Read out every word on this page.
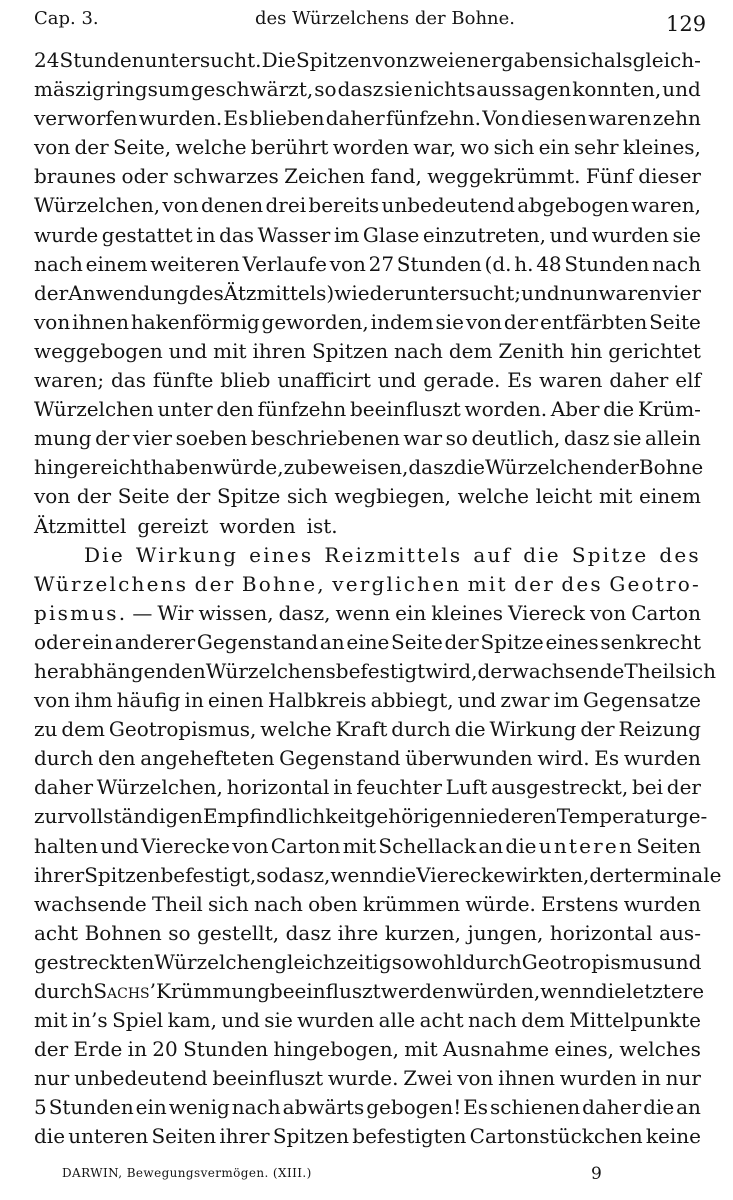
Cap. 3.	des Würzelchens der Bohne.	129
24 Stunden untersucht. Die Spitzen von zweien ergaben sich als gleich-
mäszig ringsum geschwärzt, so dasz sie nichts aussagen konnten, und
verworfen wurden. Es blieben daher fünfzehn. Von diesen waren zehn
von der Seite, welche berührt worden war, wo sich ein sehr kleines,
braunes oder schwarzes Zeichen fand, weggekrümmt. Fünf dieser
Würzelchen, von denen drei bereits unbedeutend abgebogen waren,
wurde gestattet in das Wasser im Glase einzutreten, und wurden sie
nach einem weiteren Verlaufe von 27 Stunden (d. h. 48 Stunden nach
der Anwendung des Ätzmittels) wieder untersucht; und nun waren vier
von ihnen hakenförmig geworden, indem sie von der entfärbten Seite
weggebogen und mit ihren Spitzen nach dem Zenith hin gerichtet
waren; das fünfte blieb unafficirt und gerade. Es waren daher elf
Würzelchen unter den fünfzehn beeinfluszt worden. Aber die Krüm-
mung der vier soeben beschriebenen war so deutlich, dasz sie allein
hingereicht haben würde, zu beweisen, dasz die Würzelchen der Bohne
von der Seite der Spitze sich wegbiegen, welche leicht mit einem
Ätzmittel gereizt worden ist.
Die Wirkung eines Reizmittels auf die Spitze des
Würzelchens der Bohne, verglichen mit der des Geotro-
pismus. — Wir wissen, dasz, wenn ein kleines Viereck von Carton
oder ein anderer Gegenstand an eine Seite der Spitze eines senkrecht
herabhängenden Würzelchens befestigt wird, der wachsende Theil sich
von ihm häufig in einen Halbkreis abbiegt, und zwar im Gegensatze
zu dem Geotropismus, welche Kraft durch die Wirkung der Reizung
durch den angehefteten Gegenstand überwunden wird. Es wurden
daher Würzelchen, horizontal in feuchter Luft ausgestreckt, bei der
zur vollständigen Empfindlichkeit gehörigen niederen Temperatur ge-
halten und Vierecke von Carton mit Schellack an die unteren Seiten
ihrer Spitzen befestigt, sodasz, wenn die Vierecke wirkten, der terminale
wachsende Theil sich nach oben krümmen würde. Erstens wurden
acht Bohnen so gestellt, dasz ihre kurzen, jungen, horizontal aus-
gestreckten Würzelchen gleichzeitig sowohl durch Geotropismus und
durch Sachs’ Krümmung beeinfluszt werden würden, wenn die letztere
mit in’s Spiel kam, und sie wurden alle acht nach dem Mittelpunkte
der Erde in 20 Stunden hingebogen, mit Ausnahme eines, welches
nur unbedeutend beeinfluszt wurde. Zwei von ihnen wurden in nur
5 Stunden ein wenig nach abwärts gebogen! Es schienen daher die an
die unteren Seiten ihrer Spitzen befestigten Cartonstückchen keine
DARWIN, Bewegungsvermögen. (XIII.)	9
